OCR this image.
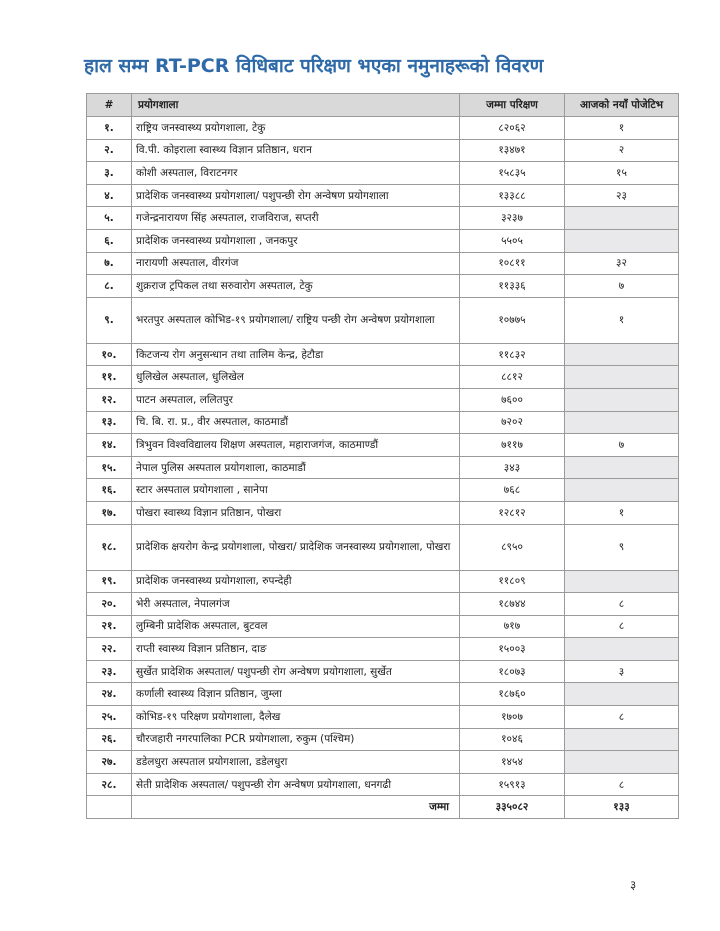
हाल सम्म RT-PCR विधिबाट परिक्षण भएका नमुनाहरूको विवरण
#	प्रयोगशाला	जम्मा परिक्षण	आजको नयाँ पोजेटिभ
१.	राष्ट्रिय जनस्वास्थ्य प्रयोगशाला, टेकु	८२०६२	१
२.	वि.पी. कोइराला स्वास्थ्य विज्ञान प्रतिष्ठान, धरान	१३४७१	२
३.	कोशी अस्पताल, विराटनगर	१५८३५	१५
४.	प्रादेशिक जनस्वास्थ्य प्रयोगशाला/ पशुपन्छी रोग अन्वेषण प्रयोगशाला	१३३८८	२३
५.	गजेन्द्रनारायण सिंह अस्पताल, राजविराज, सप्तरी	३२३७	
६.	प्रादेशिक जनस्वास्थ्य प्रयोगशाला , जनकपुर	५५०५	
७.	नारायणी अस्पताल, वीरगंज	१०८११	३२
८.	शुक्रराज ट्रपिकल तथा सरुवारोग अस्पताल, टेकु	११३३६	७
९.	भरतपुर अस्पताल कोभिड-१९ प्रयोगशाला/ राष्ट्रिय पन्छी रोग अन्वेषण प्रयोगशाला	१०७७५	१
१०.	किटजन्य रोग अनुसन्धान तथा तालिम केन्द्र, हेटौडा	११८३२	
११.	धुलिखेल अस्पताल, धुलिखेल	८८१२	
१२.	पाटन अस्पताल, ललितपुर	७६००	
१३.	चि. बि. रा. प्र., वीर अस्पताल, काठमाडौं	७२०२	
१४.	त्रिभुवन विश्वविद्यालय शिक्षण अस्पताल, महाराजगंज, काठमाण्डौं	७११७	७
१५.	नेपाल पुलिस अस्पताल प्रयोगशाला, काठमाडौं	३४३	
१६.	स्टार अस्पताल प्रयोगशाला , सानेपा	७६८	
१७.	पोखरा स्वास्थ्य विज्ञान प्रतिष्ठान, पोखरा	१२८१२	१
१८.	प्रादेशिक क्षयरोग केन्द्र प्रयोगशाला, पोखरा/ प्रादेशिक जनस्वास्थ्य प्रयोगशाला, पोखरा	८९५०	९
१९.	प्रादेशिक जनस्वास्थ्य प्रयोगशाला, रुपन्देही	११८०९	
२०.	भेरी अस्पताल, नेपालगंज	१८७४४	८
२१.	लुम्बिनी प्रादेशिक अस्पताल, बुटवल	७१७	८
२२.	राप्ती स्वास्थ्य विज्ञान प्रतिष्ठान, दाङ	१५००३	
२३.	सुर्खेत प्रादेशिक अस्पताल/ पशुपन्छी रोग अन्वेषण प्रयोगशाला, सुर्खेत	१८०७३	३
२४.	कर्णाली स्वास्थ्य विज्ञान प्रतिष्ठान, जुम्ला	१८७६०	
२५.	कोभिड-१९ परिक्षण प्रयोगशाला, दैलेख	१७०७	८
२६.	चौरजहारी नगरपालिका PCR प्रयोगशाला, रुकुम (पश्चिम)	१०४६	
२७.	डडेलधुरा अस्पताल प्रयोगशाला, डडेलधुरा	१४५४	
२८.	सेती प्रादेशिक अस्पताल/ पशुपन्छी रोग अन्वेषण प्रयोगशाला, धनगढी	१५९१३	८
	जम्मा	३३५०८२	१३३
३
